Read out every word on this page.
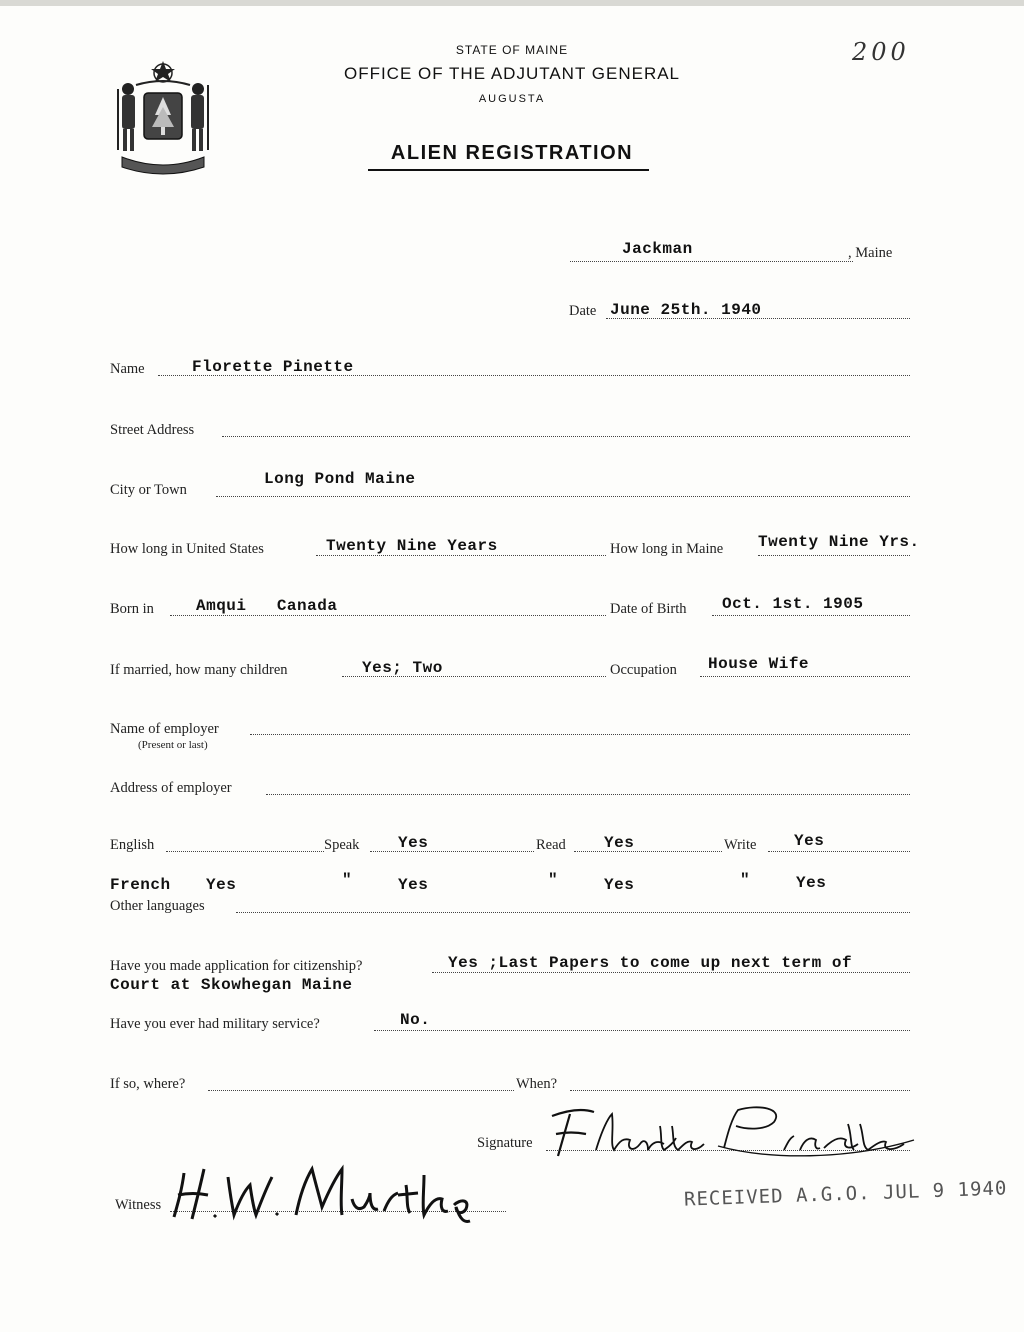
STATE OF MAINE
OFFICE OF THE ADJUTANT GENERAL
AUGUSTA
ALIEN REGISTRATION
200
Jackman	, Maine
Date June 25th. 1940
Name	Florette Pinette
Street Address
City or Town
Long Pond Maine
How long in United States	Twenty Nine Years	How long in Maine Twenty Nine Yrs.
Born in	Amqui   Canada	Date of Birth Oct. 1st. 1905
If married, how many children	Yes; Two	Occupation House Wife
Name of employer
(Present or last)
Address of employer
English	Speak Yes	Read Yes	Write Yes
French Yes	"	Yes	"	Yes	"	Yes
Other languages
Have you made application for citizenship?	Yes ;Last Papers to come up next term of
Court at Skowhegan Maine
Have you ever had military service?	No.
If so, where?	When?
Signature
Witness	RECEIVED A.G.O. JUL 9 1940
